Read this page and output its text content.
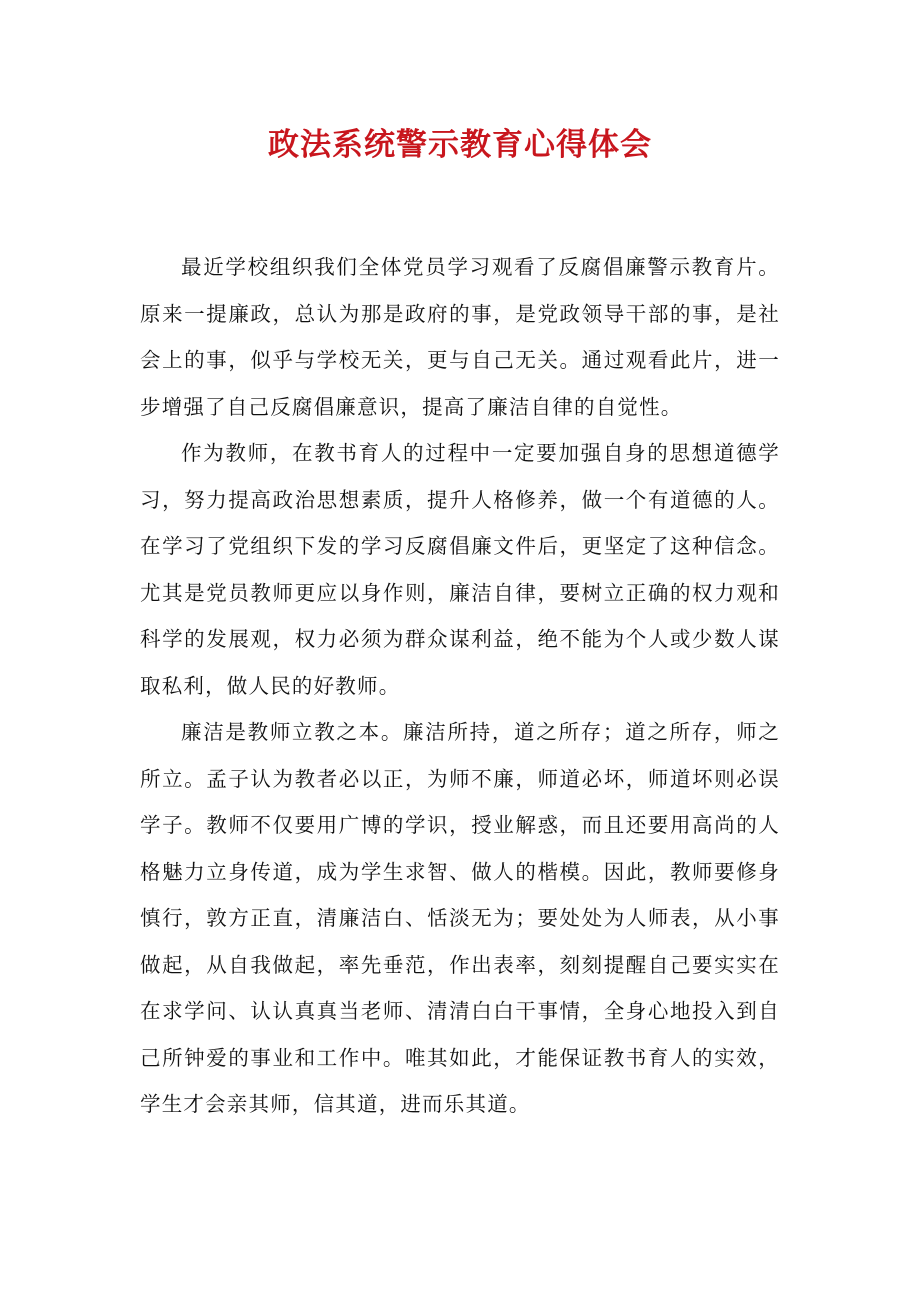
政法系统警示教育心得体会

最近学校组织我们全体党员学习观看了反腐倡廉警示教育片。原来一提廉政，总认为那是政府的事，是党政领导干部的事，是社会上的事，似乎与学校无关，更与自己无关。通过观看此片，进一步增强了自己反腐倡廉意识，提高了廉洁自律的自觉性。

作为教师，在教书育人的过程中一定要加强自身的思想道德学习，努力提高政治思想素质，提升人格修养，做一个有道德的人。在学习了党组织下发的学习反腐倡廉文件后，更坚定了这种信念。尤其是党员教师更应以身作则，廉洁自律，要树立正确的权力观和科学的发展观，权力必须为群众谋利益，绝不能为个人或少数人谋取私利，做人民的好教师。

廉洁是教师立教之本。廉洁所持，道之所存；道之所存，师之所立。孟子认为教者必以正，为师不廉，师道必坏，师道坏则必误学子。教师不仅要用广博的学识，授业解惑，而且还要用高尚的人格魅力立身传道，成为学生求智、做人的楷模。因此，教师要修身慎行，敦方正直，清廉洁白、恬淡无为；要处处为人师表，从小事做起，从自我做起，率先垂范，作出表率，刻刻提醒自己要实实在在求学问、认认真真当老师、清清白白干事情，全身心地投入到自己所钟爱的事业和工作中。唯其如此，才能保证教书育人的实效，学生才会亲其师，信其道，进而乐其道。
